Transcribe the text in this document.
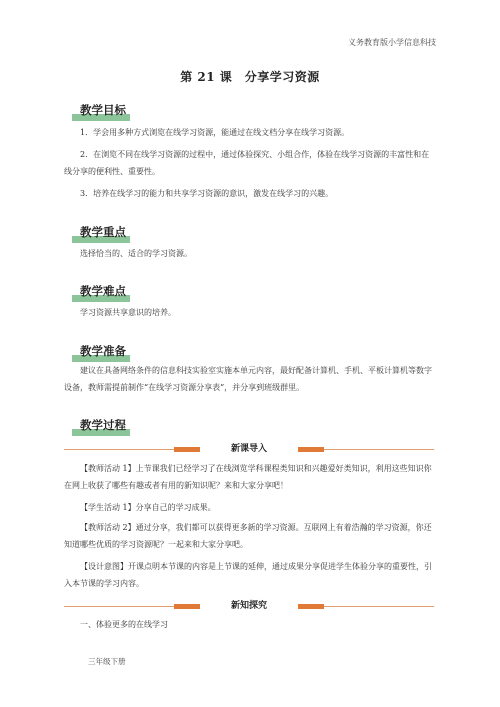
义务教育版小学信息科技
第 21 课　分享学习资源
教学目标
1．学会用多种方式浏览在线学习资源，能通过在线文档分享在线学习资源。
2．在浏览不同在线学习资源的过程中，通过体验探究、小组合作，体验在线学习资源的丰富性和在线分享的便利性、重要性。
3．培养在线学习的能力和共享学习资源的意识，激发在线学习的兴趣。
教学重点
选择恰当的、适合的学习资源。
教学难点
学习资源共享意识的培养。
教学准备
建议在具备网络条件的信息科技实验室实施本单元内容，最好配备计算机、手机、平板计算机等数字设备，教师需提前制作“在线学习资源分享表”，并分享到班级群里。
教学过程
新课导入
【教师活动 1】上节课我们已经学习了在线浏览学科课程类知识和兴趣爱好类知识，利用这些知识你在网上收获了哪些有趣或者有用的新知识呢？来和大家分享吧！
【学生活动 1】分享自己的学习成果。
【教师活动 2】通过分享，我们都可以获得更多新的学习资源。互联网上有着浩瀚的学习资源，你还知道哪些优质的学习资源呢？一起来和大家分享吧。
【设计意图】开课点明本节课的内容是上节课的延伸，通过成果分享促进学生体验分享的重要性，引入本节课的学习内容。
新知探究
一、体验更多的在线学习
三年级下册
